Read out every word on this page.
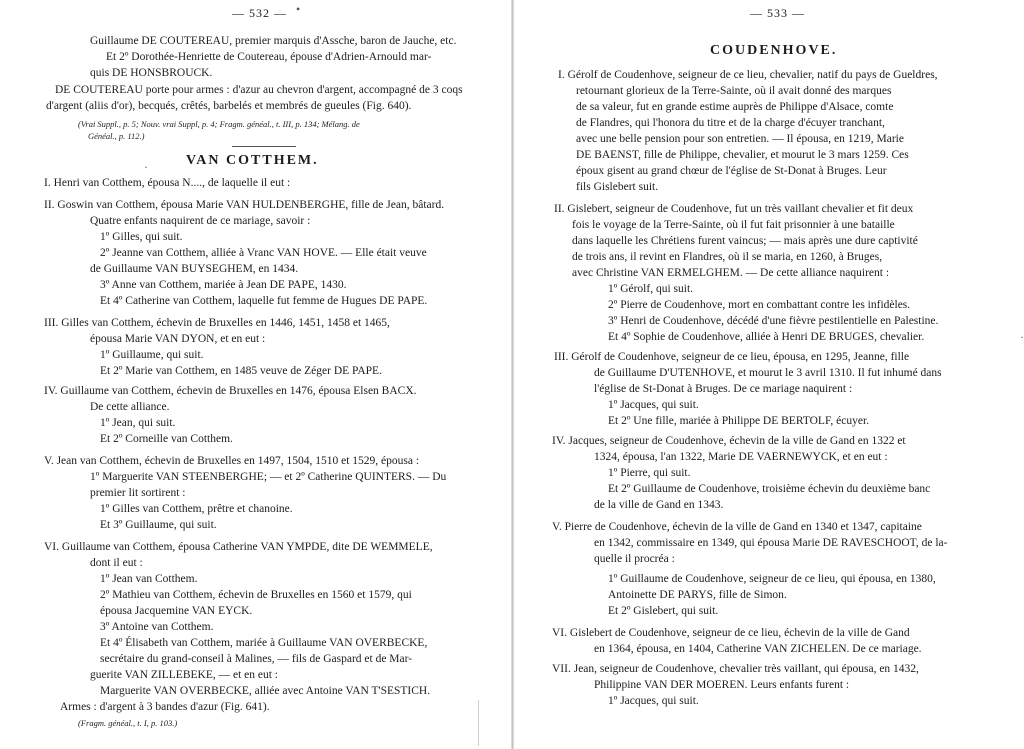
— 532 — •
Guillaume DE COUTEREAU, premier marquis d'Assche, baron de Jauche, etc.
Et 2º Dorothée-Henriette de Coutereau, épouse d'Adrien-Arnould mar-
quis DE HONSBROUCK.
DE COUTEREAU porte pour armes : d'azur au chevron d'argent, accompagné de 3 coqs
d'argent (aliis d'or), becqués, crêtés, barbelés et membrés de gueules (Fig. 640).
(Vrai Suppl., p. 5; Nouv. vrai Suppl, p. 4; Fragm. généal., t. III, p. 134; Mélang. de
Généal., p. 112.)
VAN COTTHEM.
I. Henri van Cotthem, épousa N...., de laquelle il eut :
II. Goswin van Cotthem, épousa Marie VAN HULDENBERGHE, fille de Jean, bâtard.
Quatre enfants naquirent de ce mariage, savoir :
1º Gilles, qui suit.
2º Jeanne van Cotthem, alliée à Vranc VAN HOVE. — Elle était veuve
de Guillaume VAN BUYSEGHEM, en 1434.
3º Anne van Cotthem, mariée à Jean DE PAPE, 1430.
Et 4º Catherine van Cotthem, laquelle fut femme de Hugues DE PAPE.
III. Gilles van Cotthem, échevin de Bruxelles en 1446, 1451, 1458 et 1465,
épousa Marie VAN DYON, et en eut :
1º Guillaume, qui suit.
Et 2º Marie van Cotthem, en 1485 veuve de Zéger DE PAPE.
IV. Guillaume van Cotthem, échevin de Bruxelles en 1476, épousa Elsen BACX.
De cette alliance.
1º Jean, qui suit.
Et 2º Corneille van Cotthem.
V. Jean van Cotthem, échevin de Bruxelles en 1497, 1504, 1510 et 1529, épousa :
1º Marguerite VAN STEENBERGHE; — et 2º Catherine QUINTERS. — Du
premier lit sortirent :
1º Gilles van Cotthem, prêtre et chanoine.
Et 3º Guillaume, qui suit.
VI. Guillaume van Cotthem, épousa Catherine VAN YMPDE, dite DE WEMMELE,
dont il eut :
1º Jean van Cotthem.
2º Mathieu van Cotthem, échevin de Bruxelles en 1560 et 1579, qui
épousa Jacquemine VAN EYCK.
3º Antoine van Cotthem.
Et 4º Élisabeth van Cotthem, mariée à Guillaume VAN OVERBECKE,
secrétaire du grand-conseil à Malines, — fils de Gaspard et de Mar-
guerite VAN ZILLEBEKE, — et en eut :
Marguerite VAN OVERBECKE, alliée avec Antoine VAN T'SESTICH.
Armes : d'argent à 3 bandes d'azur (Fig. 641).
(Fragm. généal., t. I, p. 103.)
·
— 533 —
COUDENHOVE.
I. Gérolf de Coudenhove, seigneur de ce lieu, chevalier, natif du pays de Gueldres,
retournant glorieux de la Terre-Sainte, où il avait donné des marques
de sa valeur, fut en grande estime auprès de Philippe d'Alsace, comte
de Flandres, qui l'honora du titre et de la charge d'écuyer tranchant,
avec une belle pension pour son entretien. — Il épousa, en 1219, Marie
DE BAENST, fille de Philippe, chevalier, et mourut le 3 mars 1259. Ces
époux gisent au grand chœur de l'église de St-Donat à Bruges. Leur
fils Gislebert suit.
II. Gislebert, seigneur de Coudenhove, fut un très vaillant chevalier et fit deux
fois le voyage de la Terre-Sainte, où il fut fait prisonnier à une bataille
dans laquelle les Chrétiens furent vaincus; — mais après une dure captivité
de trois ans, il revint en Flandres, où il se maria, en 1260, à Bruges,
avec Christine VAN ERMELGHEM. — De cette alliance naquirent :
1º Gérolf, qui suit.
2º Pierre de Coudenhove, mort en combattant contre les infidèles.
3º Henri de Coudenhove, décédé d'une fièvre pestilentielle en Palestine.
Et 4º Sophie de Coudenhove, alliée à Henri DE BRUGES, chevalier.
III. Gérolf de Coudenhove, seigneur de ce lieu, épousa, en 1295, Jeanne, fille
de Guillaume D'UTENHOVE, et mourut le 3 avril 1310. Il fut inhumé dans
l'église de St-Donat à Bruges. De ce mariage naquirent :
1º Jacques, qui suit.
Et 2º Une fille, mariée à Philippe DE BERTOLF, écuyer.
IV. Jacques, seigneur de Coudenhove, échevin de la ville de Gand en 1322 et
1324, épousa, l'an 1322, Marie DE VAERNEWYCK, et en eut :
1º Pierre, qui suit.
Et 2º Guillaume de Coudenhove, troisième échevin du deuxième banc
de la ville de Gand en 1343.
V. Pierre de Coudenhove, échevin de la ville de Gand en 1340 et 1347, capitaine
en 1342, commissaire en 1349, qui épousa Marie DE RAVESCHOOT, de la-
quelle il procréa :
1º Guillaume de Coudenhove, seigneur de ce lieu, qui épousa, en 1380,
Antoinette DE PARYS, fille de Simon.
Et 2º Gislebert, qui suit.
VI. Gislebert de Coudenhove, seigneur de ce lieu, échevin de la ville de Gand
en 1364, épousa, en 1404, Catherine VAN ZICHELEN. De ce mariage.
VII. Jean, seigneur de Coudenhove, chevalier très vaillant, qui épousa, en 1432,
Philippine VAN DER MOEREN. Leurs enfants furent :
1º Jacques, qui suit.
·
